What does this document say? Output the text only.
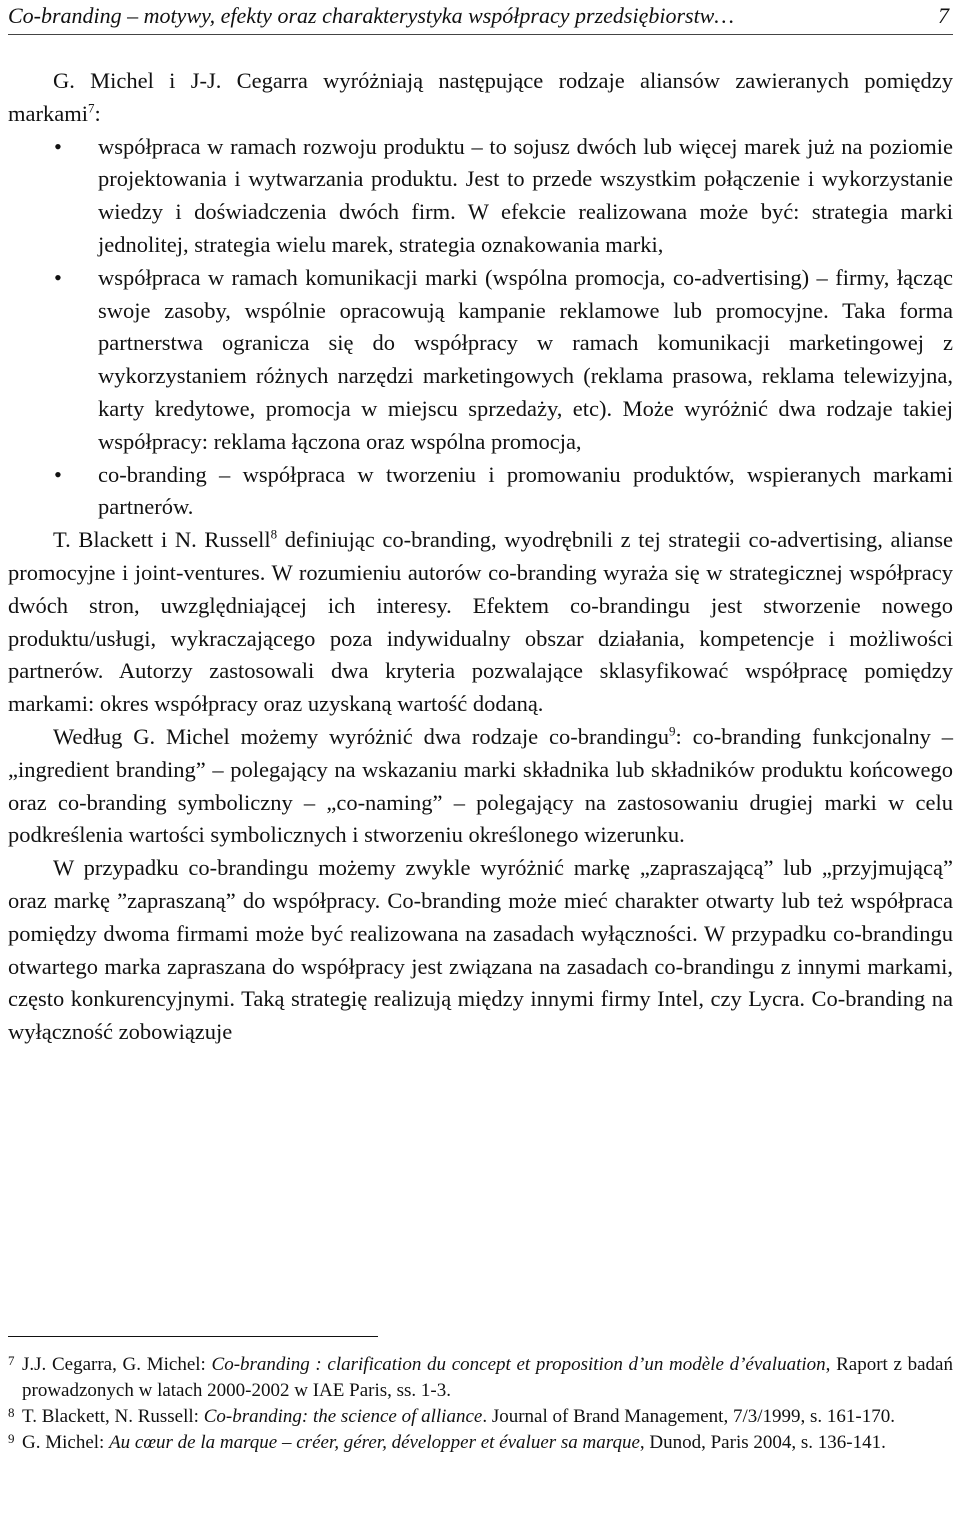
Co-branding – motywy, efekty oraz charakterystyka współpracy przedsiębiorstw…	7

G. Michel i J-J. Cegarra wyróżniają następujące rodzaje aliansów zawieranych pomiędzy markami$^7$:

• współpraca w ramach rozwoju produktu – to sojusz dwóch lub więcej marek już na poziomie projektowania i wytwarzania produktu. Jest to przede wszystkim połączenie i wykorzystanie wiedzy i doświadczenia dwóch firm. W efekcie realizowana może być: strategia marki jednolitej, strategia wielu marek, strategia oznakowania marki,
• współpraca w ramach komunikacji marki (wspólna promocja, co-advertising) – firmy, łącząc swoje zasoby, wspólnie opracowują kampanie reklamowe lub promocyjne. Taka forma partnerstwa ogranicza się do współpracy w ramach komunikacji marketingowej z wykorzystaniem różnych narzędzi marketingowych (reklama prasowa, reklama telewizyjna, karty kredytowe, promocja w miejscu sprzedaży, etc). Może wyróżnić dwa rodzaje takiej współpracy: reklama łączona oraz wspólna promocja,
• co-branding – współpraca w tworzeniu i promowaniu produktów, wspieranych markami partnerów.

T. Blackett i N. Russell$^8$ definiując co-branding, wyodrębnili z tej strategii co-advertising, alianse promocyjne i joint-ventures. W rozumieniu autorów co-branding wyraża się w strategicznej współpracy dwóch stron, uwzględniającej ich interesy. Efektem co-brandingu jest stworzenie nowego produktu/usługi, wykraczającego poza indywidualny obszar działania, kompetencje i możliwości partnerów. Autorzy zastosowali dwa kryteria pozwalające sklasyfikować współpracę pomiędzy markami: okres współpracy oraz uzyskaną wartość dodaną.

Według G. Michel możemy wyróżnić dwa rodzaje co-brandingu$^9$: co-branding funkcjonalny – „ingredient branding” – polegający na wskazaniu marki składnika lub składników produktu końcowego oraz co-branding symboliczny – „co-naming” – polegający na zastosowaniu drugiej marki w celu podkreślenia wartości symbolicznych i stworzeniu określonego wizerunku.

W przypadku co-brandingu możemy zwykle wyróżnić markę „zapraszającą” lub „przyjmującą” oraz markę ”zapraszaną” do współpracy. Co-branding może mieć charakter otwarty lub też współpraca pomiędzy dwoma firmami może być realizowana na zasadach wyłączności. W przypadku co-brandingu otwartego marka zapraszana do współpracy jest związana na zasadach co-brandingu z innymi markami, często konkurencyjnymi. Taką strategię realizują między innymi firmy Intel, czy Lycra. Co-branding na wyłączność zobowiązuje

7 J.J. Cegarra, G. Michel: Co-branding : clarification du concept et proposition d’un modèle d’évaluation, Raport z badań prowadzonych w latach 2000-2002 w IAE Paris, ss. 1-3.
8 T. Blackett, N. Russell: Co-branding: the science of alliance. Journal of Brand Management, 7/3/1999, s. 161-170.
9 G. Michel: Au cœur de la marque – créer, gérer, développer et évaluer sa marque, Dunod, Paris 2004, s. 136-141.
